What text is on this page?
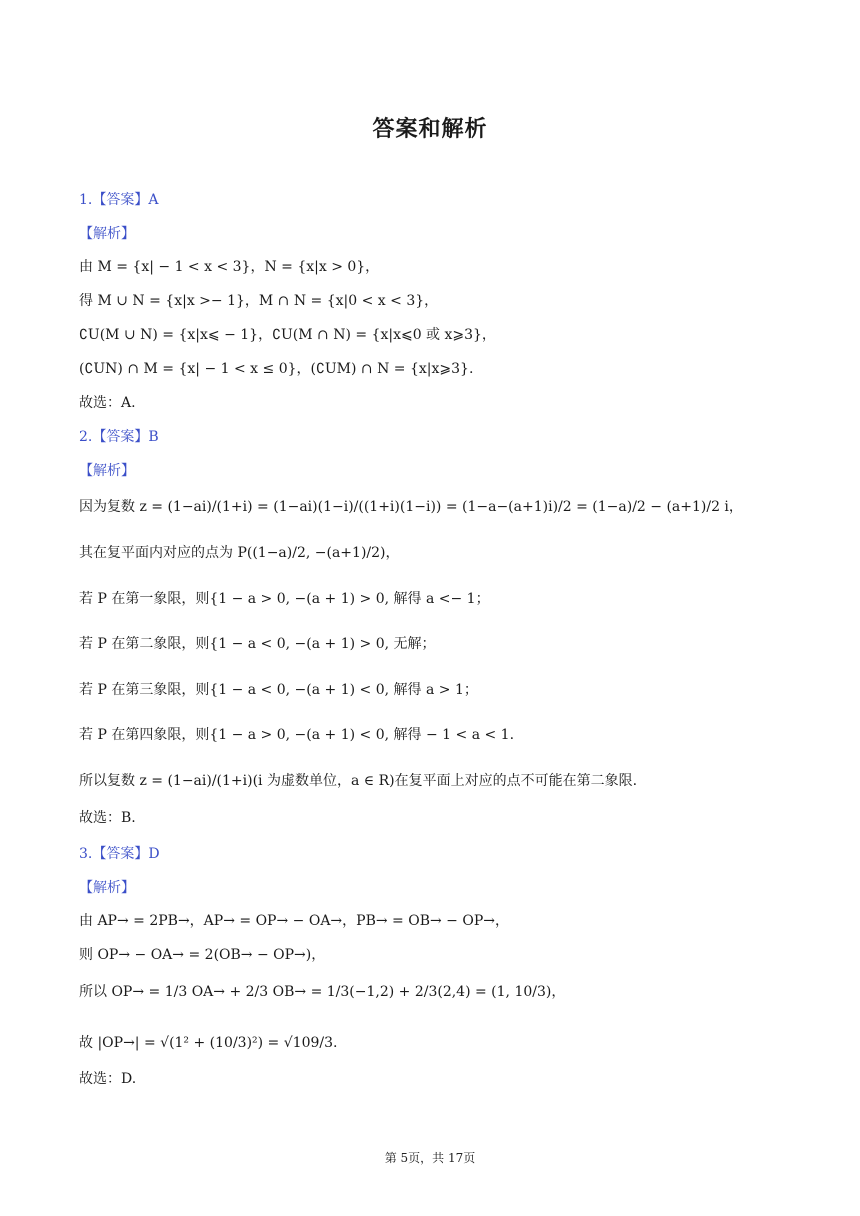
答案和解析
1.【答案】A
【解析】
由 M = {x| − 1 < x < 3}，N = {x|x > 0}，
得 M ∪ N = {x|x >− 1}，M ∩ N = {x|0 < x < 3}，
∁U(M ∪ N) = {x|x⩽ − 1}，∁U(M ∩ N) = {x|x⩽0 或 x⩾3}，
(∁UN) ∩ M = {x| − 1 < x ≤ 0}，(∁UM) ∩ N = {x|x⩾3}.
故选：A.
2.【答案】B
【解析】
因为复数 z = (1−ai)/(1+i) = (1−ai)(1−i)/((1+i)(1−i)) = (1−a−(a+1)i)/2 = (1−a)/2 − (a+1)/2 i，
其在复平面内对应的点为 P((1−a)/2, −(a+1)/2)，
若 P 在第一象限，则{1 − a > 0, −(a + 1) > 0, 解得 a <− 1；
若 P 在第二象限，则{1 − a < 0, −(a + 1) > 0, 无解；
若 P 在第三象限，则{1 − a < 0, −(a + 1) < 0, 解得 a > 1；
若 P 在第四象限，则{1 − a > 0, −(a + 1) < 0, 解得 − 1 < a < 1.
所以复数 z = (1−ai)/(1+i)(i 为虚数单位，a ∈ R)在复平面上对应的点不可能在第二象限.
故选：B.
3.【答案】D
【解析】
由 AP→ = 2PB→，AP→ = OP→ − OA→，PB→ = OB→ − OP→，
则 OP→ − OA→ = 2(OB→ − OP→)，
所以 OP→ = 1/3 OA→ + 2/3 OB→ = 1/3(−1,2) + 2/3(2,4) = (1, 10/3)，
故 |OP→| = √(1² + (10/3)²) = √109/3.
故选：D.
第 5页，共 17页
